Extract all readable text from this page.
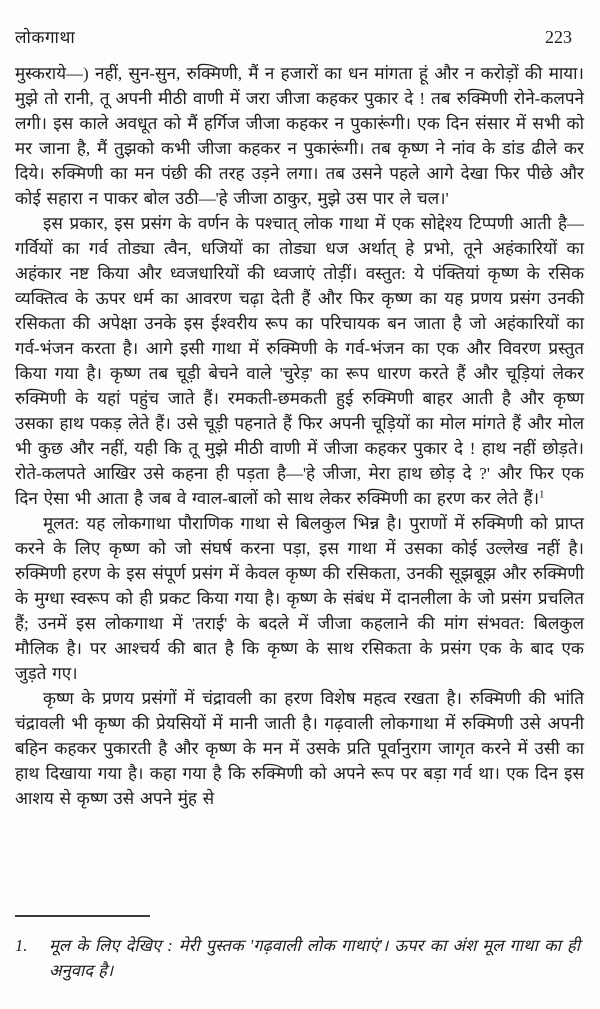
लोकगाथा	223

मुस्कराये—) नहीं, सुन-सुन, रुक्मिणी, मैं न हजारों का धन मांगता हूं और न करोड़ों की माया। मुझे तो रानी, तू अपनी मीठी वाणी में जरा जीजा कहकर पुकार दे ! तब रुक्मिणी रोने-कलपने लगी। इस काले अवधूत को मैं हर्गिज जीजा कहकर न पुकारूंगी। एक दिन संसार में सभी को मर जाना है, मैं तुझको कभी जीजा कहकर न पुकारूंगी। तब कृष्ण ने नांव के डांड ढीले कर दिये। रुक्मिणी का मन पंछी की तरह उड़ने लगा। तब उसने पहले आगे देखा फिर पीछे और कोई सहारा न पाकर बोल उठी—'हे जीजा ठाकुर, मुझे उस पार ले चल।'

इस प्रकार, इस प्रसंग के वर्णन के पश्चात् लोक गाथा में एक सोद्देश्य टिप्पणी आती है—गर्वियों का गर्व तोड्या त्वैन, धजियों का तोड्या धज अर्थात् हे प्रभो, तूने अहंकारियों का अहंकार नष्ट किया और ध्वजधारियों की ध्वजाएं तोड़ीं। वस्तुत: ये पंक्तियां कृष्ण के रसिक व्यक्तित्व के ऊपर धर्म का आवरण चढ़ा देती हैं और फिर कृष्ण का यह प्रणय प्रसंग उनकी रसिकता की अपेक्षा उनके इस ईश्वरीय रूप का परिचायक बन जाता है जो अहंकारियों का गर्व-भंजन करता है। आगे इसी गाथा में रुक्मिणी के गर्व-भंजन का एक और विवरण प्रस्तुत किया गया है। कृष्ण तब चूड़ी बेचने वाले 'चुरेड़' का रूप धारण करते हैं और चूड़ियां लेकर रुक्मिणी के यहां पहुंच जाते हैं। रमकती-छमकती हुई रुक्मिणी बाहर आती है और कृष्ण उसका हाथ पकड़ लेते हैं। उसे चूड़ी पहनाते हैं फिर अपनी चूड़ियों का मोल मांगते हैं और मोल भी कुछ और नहीं, यही कि तू मुझे मीठी वाणी में जीजा कहकर पुकार दे ! हाथ नहीं छोड़ते। रोते-कलपते आखिर उसे कहना ही पड़ता है—'हे जीजा, मेरा हाथ छोड़ दे ?' और फिर एक दिन ऐसा भी आता है जब वे ग्वाल-बालों को साथ लेकर रुक्मिणी का हरण कर लेते हैं।$^1$

मूलत: यह लोकगाथा पौराणिक गाथा से बिलकुल भिन्न है। पुराणों में रुक्मिणी को प्राप्त करने के लिए कृष्ण को जो संघर्ष करना पड़ा, इस गाथा में उसका कोई उल्लेख नहीं है। रुक्मिणी हरण के इस संपूर्ण प्रसंग में केवल कृष्ण की रसिकता, उनकी सूझबूझ और रुक्मिणी के मुग्धा स्वरूप को ही प्रकट किया गया है। कृष्ण के संबंध में दानलीला के जो प्रसंग प्रचलित हैं; उनमें इस लोकगाथा में 'तराई' के बदले में जीजा कहलाने की मांग संभवत: बिलकुल मौलिक है। पर आश्चर्य की बात है कि कृष्ण के साथ रसिकता के प्रसंग एक के बाद एक जुड़ते गए।

कृष्ण के प्रणय प्रसंगों में चंद्रावली का हरण विशेष महत्व रखता है। रुक्मिणी की भांति चंद्रावली भी कृष्ण की प्रेयसियों में मानी जाती है। गढ़वाली लोकगाथा में रुक्मिणी उसे अपनी बहिन कहकर पुकारती है और कृष्ण के मन में उसके प्रति पूर्वानुराग जागृत करने में उसी का हाथ दिखाया गया है। कहा गया है कि रुक्मिणी को अपने रूप पर बड़ा गर्व था। एक दिन इस आशय से कृष्ण उसे अपने मुंह से

1.	मूल के लिए देखिए : मेरी पुस्तक 'गढ़वाली लोक गाथाएं'। ऊपर का अंश मूल गाथा का ही अनुवाद है।
